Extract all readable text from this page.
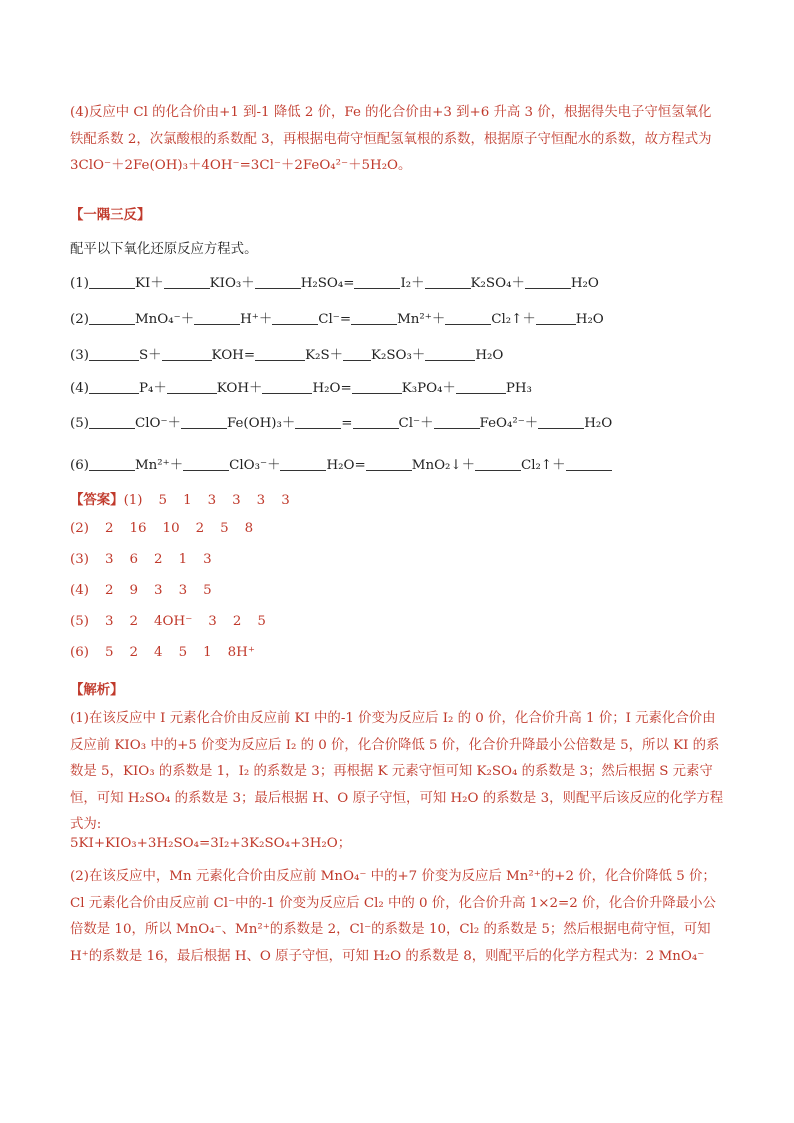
(4)反应中 Cl 的化合价由+1 到-1 降低 2 价，Fe 的化合价由+3 到+6 升高 3 价，根据得失电子守恒氢氧化铁配系数 2，次氯酸根的系数配 3，再根据电荷守恒配氢氧根的系数，根据原子守恒配水的系数，故方程式为 3ClO⁻＋2Fe(OH)₃＋4OH⁻=3Cl⁻＋2FeO₄²⁻＋5H₂O。

【一隅三反】

配平以下氧化还原反应方程式。

(1)	KI＋	KIO₃＋	H₂SO₄=	I₂＋	K₂SO₄＋	H₂O

(2)	MnO₄⁻＋	H⁺＋	Cl⁻=	Mn²⁺＋	Cl₂↑＋	H₂O

(3)	S＋	KOH=	K₂S＋ K₂SO₃＋	H₂O

(4)	P₄＋	KOH＋	H₂O=	K₃PO₄＋	PH₃

(5)	ClO⁻＋	Fe(OH)₃＋	=	Cl⁻＋	FeO₄²⁻＋	H₂O

(6)	Mn²⁺＋	ClO₃⁻＋	H₂O=	MnO₂↓＋	Cl₂↑＋

【答案】(1) 5 1 3 3 3 3

(2) 2 16 10 2 5 8

(3) 3 6 2 1 3

(4) 2 9 3 3 5

(5) 3 2 4OH⁻ 3 2 5

(6) 5 2 4 5 1 8H⁺

【解析】

(1)在该反应中 I 元素化合价由反应前 KI 中的-1 价变为反应后 I₂ 的 0 价，化合价升高 1 价；I 元素化合价由反应前 KIO₃ 中的+5 价变为反应后 I₂ 的 0 价，化合价降低 5 价，化合价升降最小公倍数是 5，所以 KI 的系数是 5，KIO₃ 的系数是 1，I₂ 的系数是 3；再根据 K 元素守恒可知 K₂SO₄ 的系数是 3；然后根据 S 元素守恒，可知 H₂SO₄ 的系数是 3；最后根据 H、O 原子守恒，可知 H₂O 的系数是 3，则配平后该反应的化学方程式为:

5KI+KIO₃+3H₂SO₄=3I₂+3K₂SO₄+3H₂O；

(2)在该反应中，Mn 元素化合价由反应前 MnO₄⁻ 中的+7 价变为反应后 Mn²⁺的+2 价，化合价降低 5 价；Cl 元素化合价由反应前 Cl⁻中的-1 价变为反应后 Cl₂ 中的 0 价，化合价升高 1×2=2 价，化合价升降最小公倍数是 10，所以 MnO₄⁻、Mn²⁺的系数是 2，Cl⁻的系数是 10，Cl₂ 的系数是 5；然后根据电荷守恒，可知 H⁺的系数是 16，最后根据 H、O 原子守恒，可知 H₂O 的系数是 8，则配平后的化学方程式为：2 MnO₄⁻
